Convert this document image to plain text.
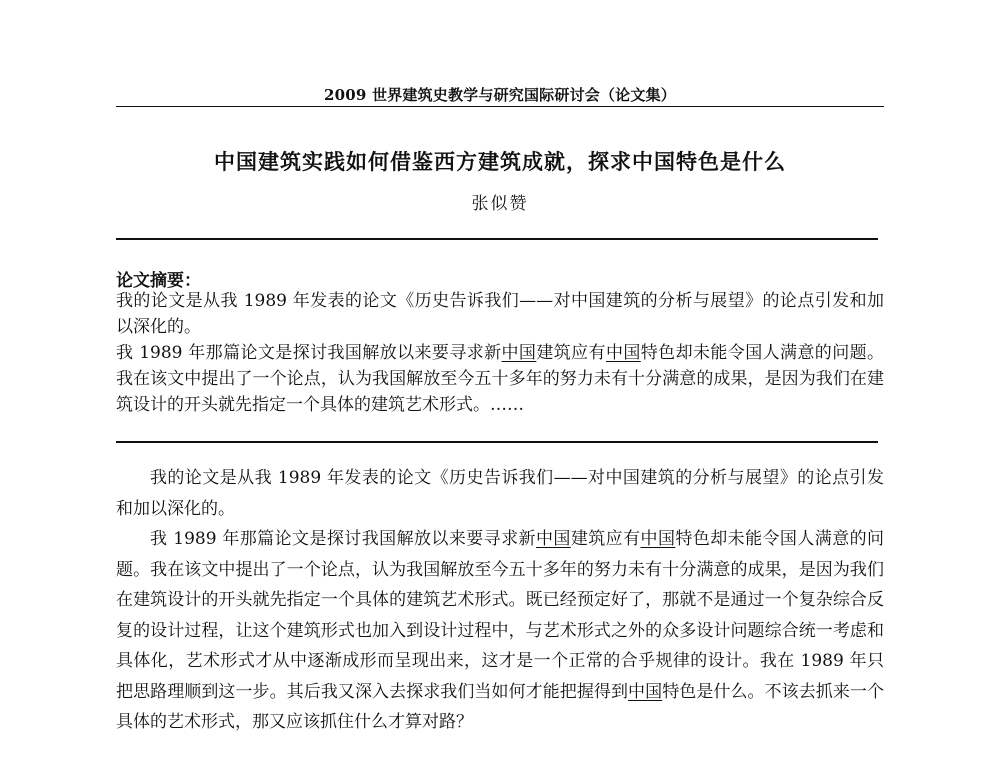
2009 世界建筑史教学与研究国际研讨会（论文集）
中国建筑实践如何借鉴西方建筑成就，探求中国特色是什么
张似赞
论文摘要：

我的论文是从我 1989 年发表的论文《历史告诉我们——对中国建筑的分析与展望》的论点引发和加以深化的。

我 1989 年那篇论文是探讨我国解放以来要寻求新中国建筑应有中国特色却未能令国人满意的问题。我在该文中提出了一个论点，认为我国解放至今五十多年的努力未有十分满意的成果，是因为我们在建筑设计的开头就先指定一个具体的建筑艺术形式。……

我的论文是从我 1989 年发表的论文《历史告诉我们——对中国建筑的分析与展望》的论点引发和加以深化的。

我 1989 年那篇论文是探讨我国解放以来要寻求新中国建筑应有中国特色却未能令国人满意的问题。我在该文中提出了一个论点，认为我国解放至今五十多年的努力未有十分满意的成果，是因为我们在建筑设计的开头就先指定一个具体的建筑艺术形式。既已经预定好了，那就不是通过一个复杂综合反复的设计过程，让这个建筑形式也加入到设计过程中，与艺术形式之外的众多设计问题综合统一考虑和具体化，艺术形式才从中逐渐成形而呈现出来，这才是一个正常的合乎规律的设计。我在 1989 年只把思路理顺到这一步。其后我又深入去探求我们当如何才能把握得到中国特色是什么。不该去抓来一个具体的艺术形式，那又应该抓住什么才算对路？
